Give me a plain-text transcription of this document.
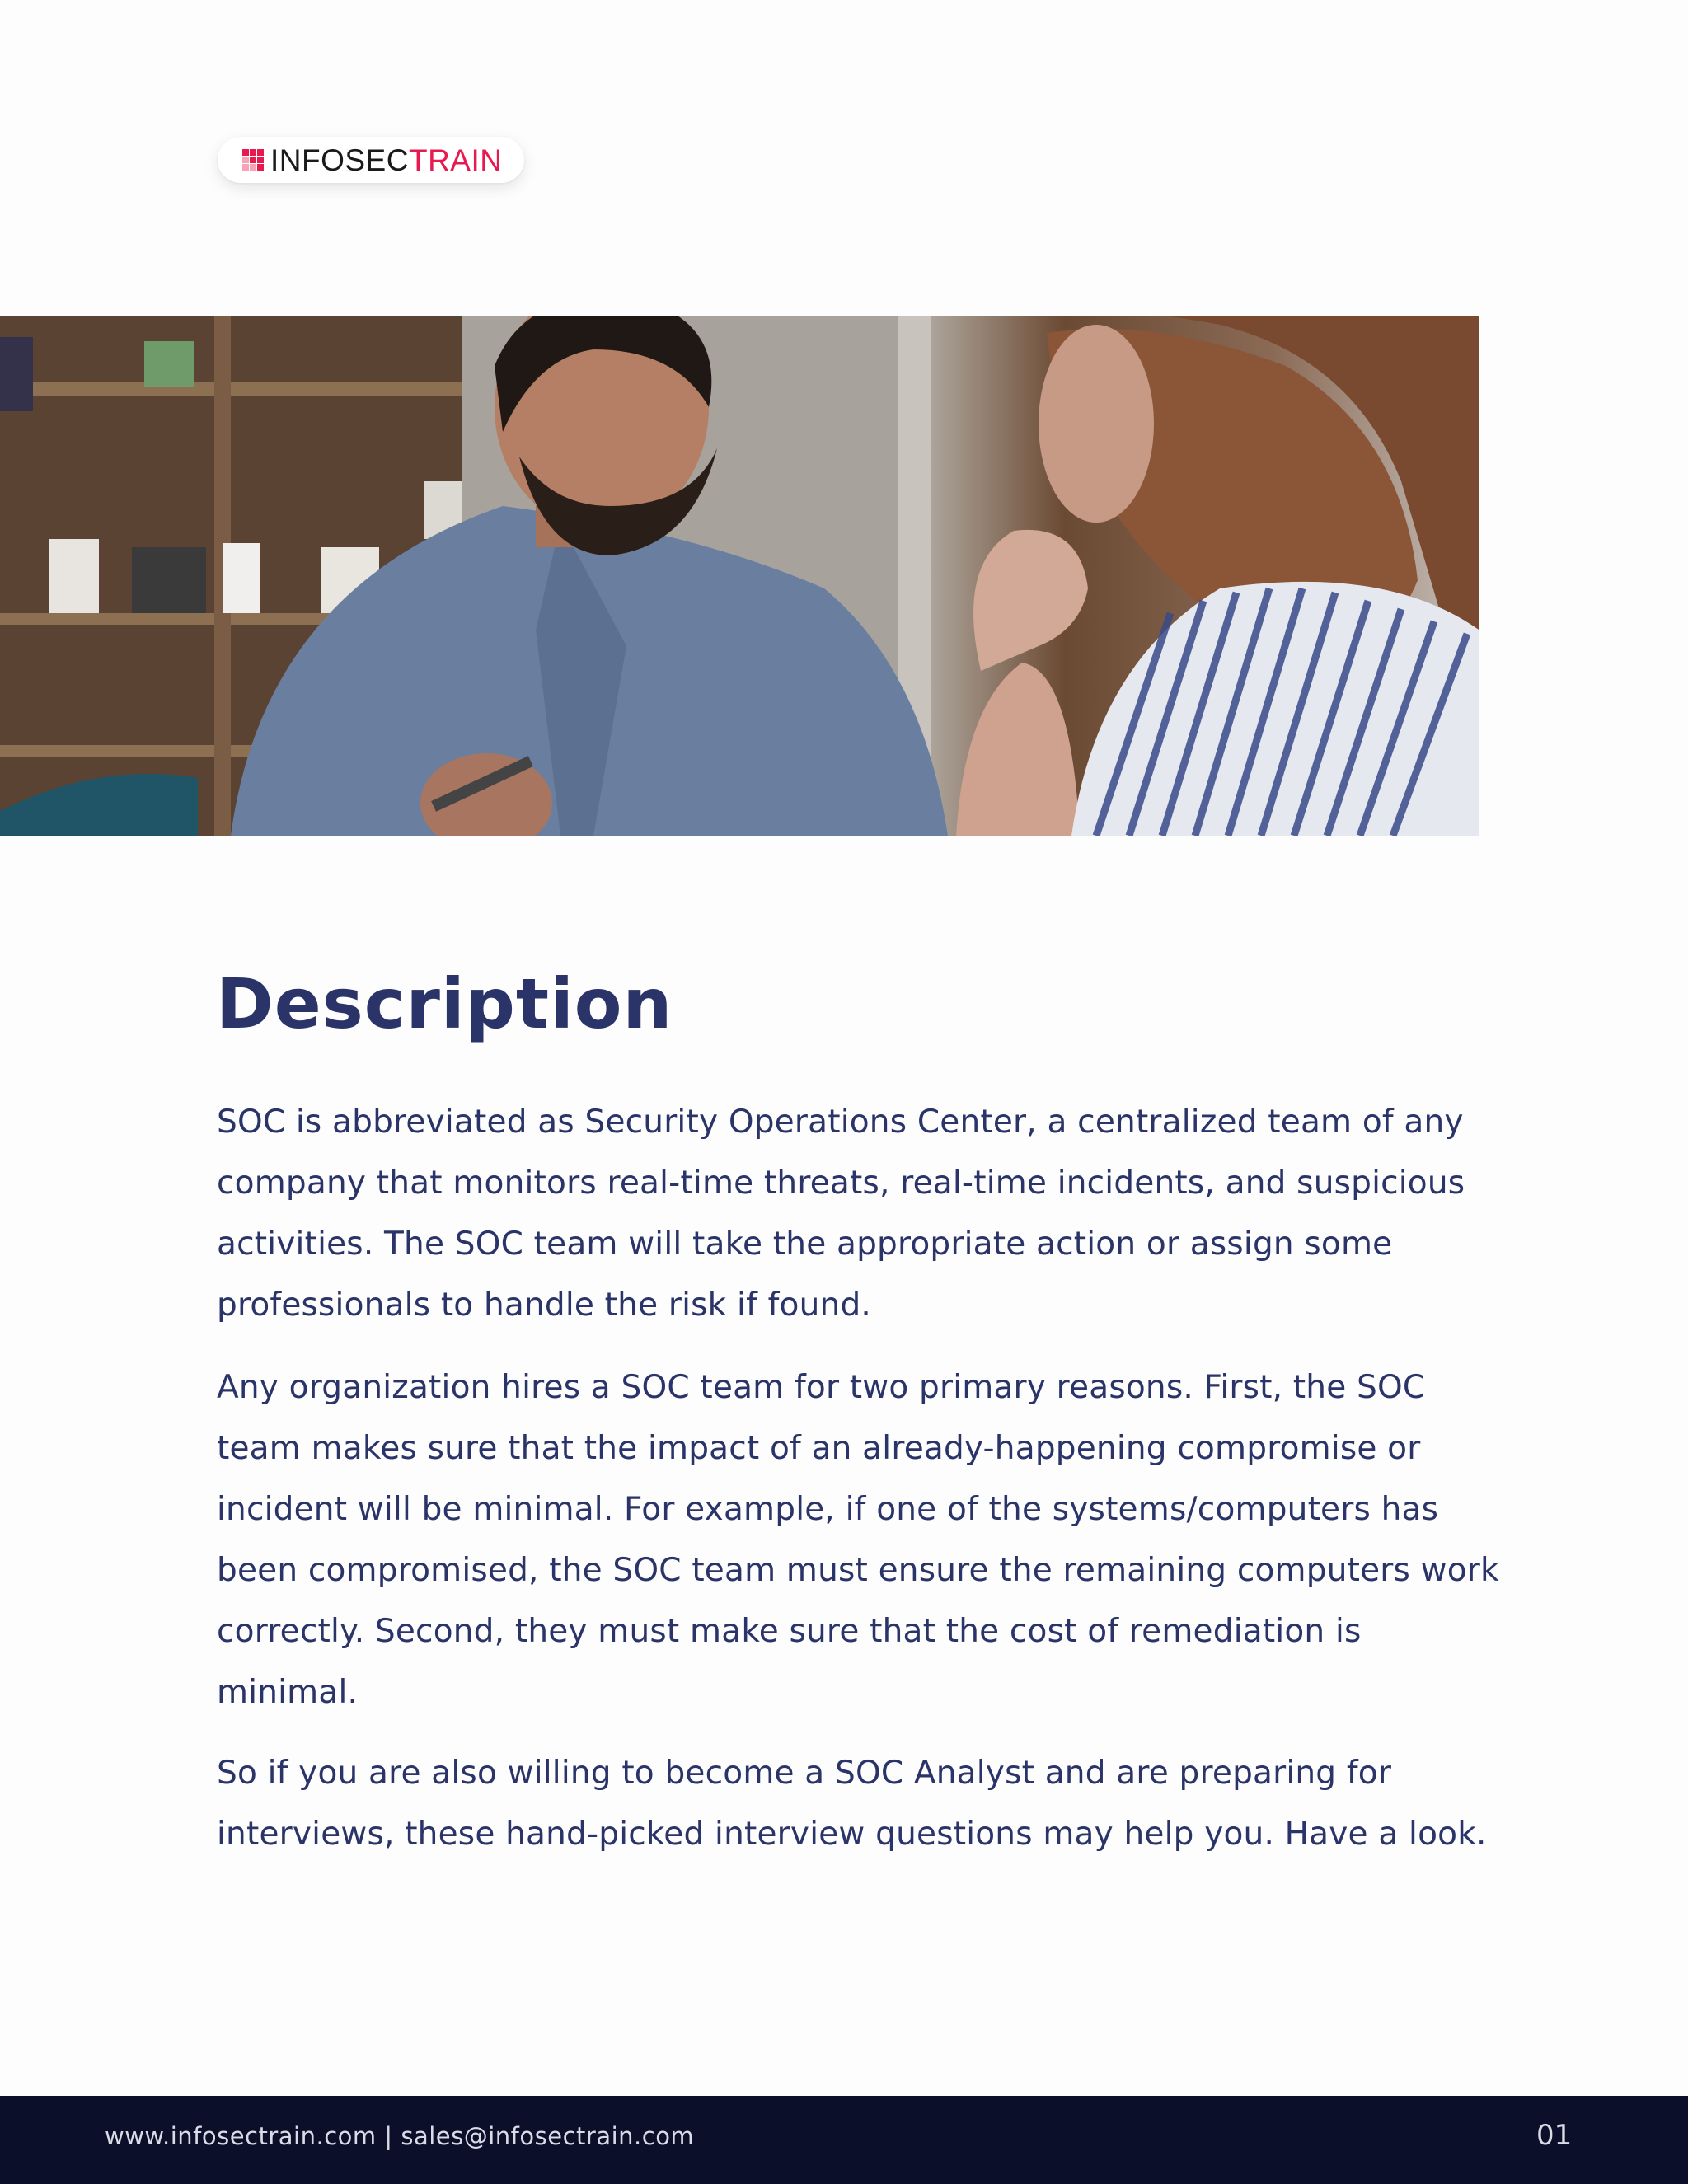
INFOSECTRAIN
Description

SOC is abbreviated as Security Operations Center, a centralized team of any company that monitors real-time threats, real-time incidents, and suspicious activities. The SOC team will take the appropriate action or assign some professionals to handle the risk if found.

Any organization hires a SOC team for two primary reasons. First, the SOC team makes sure that the impact of an already-happening compromise or incident will be minimal. For example, if one of the systems/computers has been compromised, the SOC team must ensure the remaining computers work correctly. Second, they must make sure that the cost of remediation is minimal.

So if you are also willing to become a SOC Analyst and are preparing for interviews, these hand-picked interview questions may help you. Have a look.

www.infosectrain.com | sales@infosectrain.com	01
